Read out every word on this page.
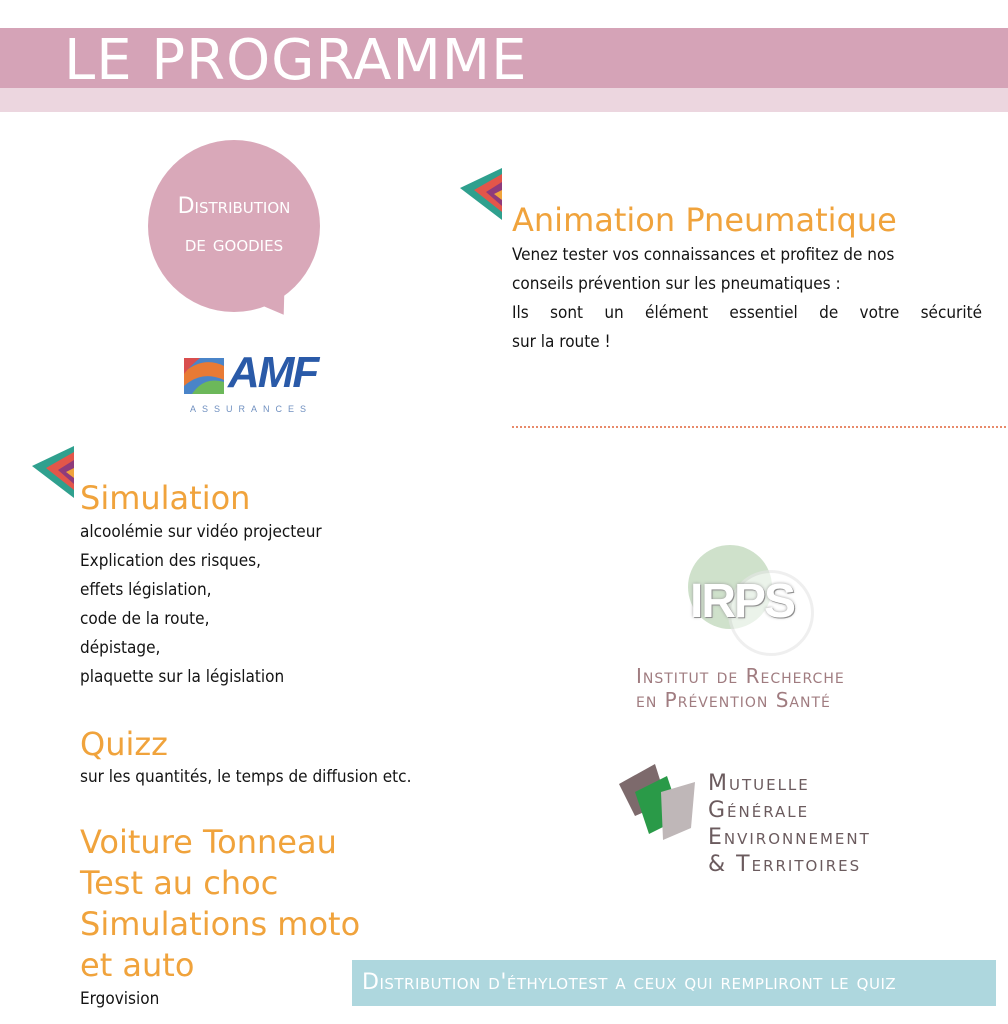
LE PROGRAMME
Distribution
de goodies
AMF
ASSURANCES
Animation Pneumatique
Venez tester vos connaissances et profitez de nos
conseils prévention sur les pneumatiques :
Ils sont un élément essentiel de votre sécurité
sur la route !
Simulation
alcoolémie sur vidéo projecteur
Explication des risques,
effets législation,
code de la route,
dépistage,
plaquette sur la législation
Quizz
sur les quantités, le temps de diffusion etc.
Voiture Tonneau
Test au choc
Simulations moto
et auto
Ergovision
IRPS
Institut de Recherche
en Prévention Santé
Mutuelle
Générale
Environnement
& Territoires
Distribution d'éthylotest a ceux qui rempliront le quiz
